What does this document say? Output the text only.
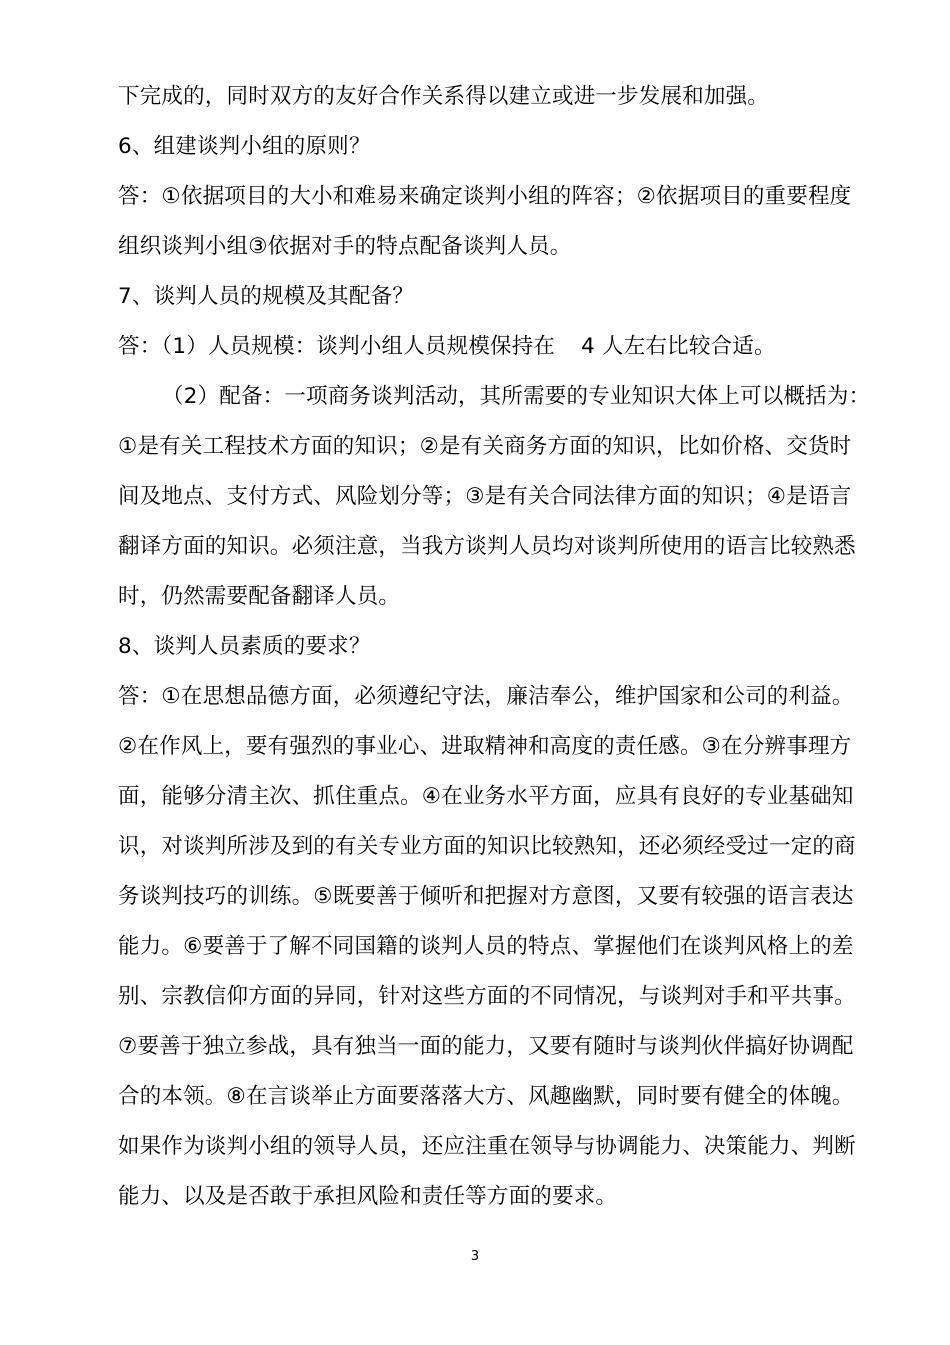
下完成的，同时双方的友好合作关系得以建立或进一步发展和加强。
6、组建谈判小组的原则？
答：①依据项目的大小和难易来确定谈判小组的阵容；②依据项目的重要程度
组织谈判小组③依据对手的特点配备谈判人员。
7、谈判人员的规模及其配备？
答：（1）人员规模：谈判小组人员规模保持在 4 人左右比较合适。
（2）配备：一项商务谈判活动，其所需要的专业知识大体上可以概括为：
①是有关工程技术方面的知识；②是有关商务方面的知识，比如价格、交货时
间及地点、支付方式、风险划分等；③是有关合同法律方面的知识；④是语言
翻译方面的知识。必须注意，当我方谈判人员均对谈判所使用的语言比较熟悉
时，仍然需要配备翻译人员。
8、谈判人员素质的要求？
答：①在思想品德方面，必须遵纪守法，廉洁奉公，维护国家和公司的利益。
②在作风上，要有强烈的事业心、进取精神和高度的责任感。③在分辨事理方
面，能够分清主次、抓住重点。④在业务水平方面，应具有良好的专业基础知
识，对谈判所涉及到的有关专业方面的知识比较熟知，还必须经受过一定的商
务谈判技巧的训练。⑤既要善于倾听和把握对方意图，又要有较强的语言表达
能力。⑥要善于了解不同国籍的谈判人员的特点、掌握他们在谈判风格上的差
别、宗教信仰方面的异同，针对这些方面的不同情况，与谈判对手和平共事。
⑦要善于独立参战，具有独当一面的能力，又要有随时与谈判伙伴搞好协调配
合的本领。⑧在言谈举止方面要落落大方、风趣幽默，同时要有健全的体魄。
如果作为谈判小组的领导人员，还应注重在领导与协调能力、决策能力、判断
能力、以及是否敢于承担风险和责任等方面的要求。
3
